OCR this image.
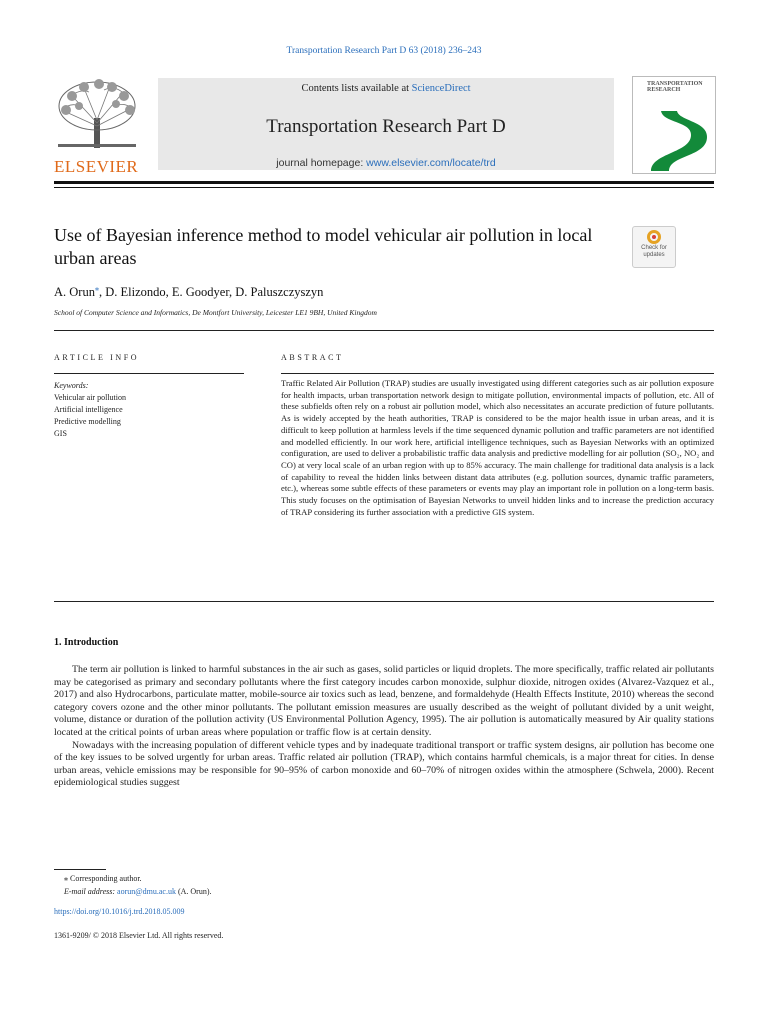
Transportation Research Part D 63 (2018) 236–243
ELSEVIER
Contents lists available at ScienceDirect
Transportation Research Part D
journal homepage: www.elsevier.com/locate/trd
TRANSPORTATION RESEARCH
Use of Bayesian inference method to model vehicular air pollution in local urban areas	Check for updates
A. Orun⁎, D. Elizondo, E. Goodyer, D. Paluszczyszyn
School of Computer Science and Informatics, De Montfort University, Leicester LE1 9BH, United Kingdom
ARTICLE INFO	ABSTRACT
Keywords:
Vehicular air pollution
Artificial intelligence
Predictive modelling
GIS

Traffic Related Air Pollution (TRAP) studies are usually investigated using different categories such as air pollution exposure for health impacts, urban transportation network design to mitigate pollution, environmental impacts of pollution, etc. All of these subfields often rely on a robust air pollution model, which also necessitates an accurate prediction of future pollutants. As is widely accepted by the heath authorities, TRAP is considered to be the major health issue in urban areas, and it is difficult to keep pollution at harmless levels if the time sequenced dynamic pollution and traffic parameters are not identified and modelled efficiently. In our work here, artificial intelligence techniques, such as Bayesian Networks with an optimized configuration, are used to deliver a probabilistic traffic data analysis and predictive modelling for air pollution (SO₂, NO₂ and CO) at very local scale of an urban region with up to 85% accuracy. The main challenge for traditional data analysis is a lack of capability to reveal the hidden links between distant data attributes (e.g. pollution sources, dynamic traffic parameters, etc.), whereas some subtle effects of these parameters or events may play an important role in pollution on a long-term basis. This study focuses on the optimisation of Bayesian Networks to unveil hidden links and to increase the prediction accuracy of TRAP considering its further association with a predictive GIS system.

1. Introduction

The term air pollution is linked to harmful substances in the air such as gases, solid particles or liquid droplets. The more specifically, traffic related air pollutants may be categorised as primary and secondary pollutants where the first category incudes carbon monoxide, sulphur dioxide, nitrogen oxides (Alvarez-Vazquez et al., 2017) and also Hydrocarbons, particulate matter, mobile-source air toxics such as lead, benzene, and formaldehyde (Health Effects Institute, 2010) whereas the second category covers ozone and the other minor pollutants. The pollutant emission measures are usually described as the weight of pollutant divided by a unit weight, volume, distance or duration of the pollution activity (US Environmental Pollution Agency, 1995). The air pollution is automatically measured by Air quality stations located at the critical points of urban areas where population or traffic flow is at certain density.

Nowadays with the increasing population of different vehicle types and by inadequate traditional transport or traffic system designs, air pollution has become one of the key issues to be solved urgently for urban areas. Traffic related air pollution (TRAP), which contains harmful chemicals, is a major threat for cities. In dense urban areas, vehicle emissions may be responsible for 90–95% of carbon monoxide and 60–70% of nitrogen oxides within the atmosphere (Schwela, 2000). Recent epidemiological studies suggest

⁎ Corresponding author.
E-mail address: aorun@dmu.ac.uk (A. Orun).
https://doi.org/10.1016/j.trd.2018.05.009
1361-9209/ © 2018 Elsevier Ltd. All rights reserved.
